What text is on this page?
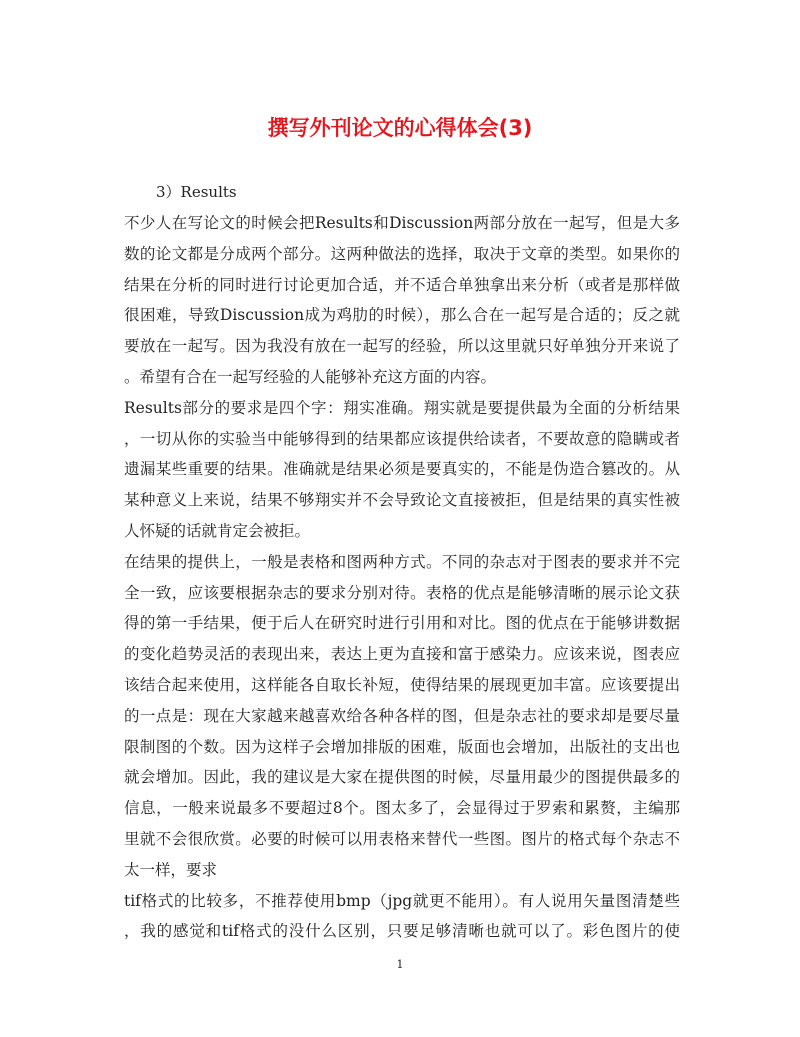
撰写外刊论文的心得体会(3)
3）Results
不少人在写论文的时候会把Results和Discussion两部分放在一起写，但是大多
数的论文都是分成两个部分。这两种做法的选择，取决于文章的类型。如果你的
结果在分析的同时进行讨论更加合适，并不适合单独拿出来分析（或者是那样做
很困难，导致Discussion成为鸡肋的时候），那么合在一起写是合适的；反之就
要放在一起写。因为我没有放在一起写的经验，所以这里就只好单独分开来说了
。希望有合在一起写经验的人能够补充这方面的内容。
Results部分的要求是四个字：翔实准确。翔实就是要提供最为全面的分析结果
，一切从你的实验当中能够得到的结果都应该提供给读者，不要故意的隐瞒或者
遗漏某些重要的结果。准确就是结果必须是要真实的，不能是伪造合篡改的。从
某种意义上来说，结果不够翔实并不会导致论文直接被拒，但是结果的真实性被
人怀疑的话就肯定会被拒。
在结果的提供上，一般是表格和图两种方式。不同的杂志对于图表的要求并不完
全一致，应该要根据杂志的要求分别对待。表格的优点是能够清晰的展示论文获
得的第一手结果，便于后人在研究时进行引用和对比。图的优点在于能够讲数据
的变化趋势灵活的表现出来，表达上更为直接和富于感染力。应该来说，图表应
该结合起来使用，这样能各自取长补短，使得结果的展现更加丰富。应该要提出
的一点是：现在大家越来越喜欢给各种各样的图，但是杂志社的要求却是要尽量
限制图的个数。因为这样子会增加排版的困难，版面也会增加，出版社的支出也
就会增加。因此，我的建议是大家在提供图的时候，尽量用最少的图提供最多的
信息，一般来说最多不要超过8个。图太多了，会显得过于罗索和累赘，主编那
里就不会很欣赏。必要的时候可以用表格来替代一些图。图片的格式每个杂志不
太一样，要求
tif格式的比较多，不推荐使用bmp（jpg就更不能用）。有人说用矢量图清楚些
，我的感觉和tif格式的没什么区别，只要足够清晰也就可以了。彩色图片的使
1
